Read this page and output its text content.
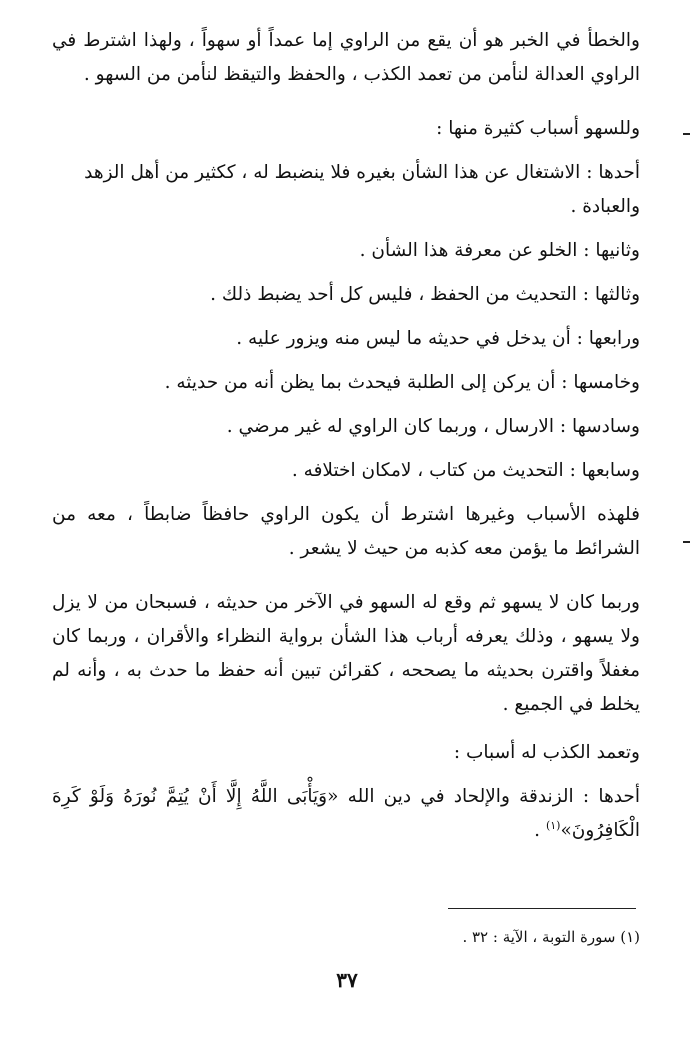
والخطأ في الخبر هو أن يقع من الراوي إما عمداً أو سهواً ، ولهذا اشترط في الراوي العدالة لنأمن من تعمد الكذب ، والحفظ والتيقظ لنأمن من السهو .

وللسهو أسباب كثيرة منها :

أحدها : الاشتغال عن هذا الشأن بغيره فلا ينضبط له ، ككثير من أهل الزهد والعبادة .

وثانيها : الخلو عن معرفة هذا الشأن .

وثالثها : التحديث من الحفظ ، فليس كل أحد يضبط ذلك .

ورابعها : أن يدخل في حديثه ما ليس منه ويزور عليه .

وخامسها : أن يركن إلى الطلبة فيحدث بما يظن أنه من حديثه .

وسادسها : الارسال ، وربما كان الراوي له غير مرضي .

وسابعها : التحديث من كتاب ، لامكان اختلافه .

فلهذه الأسباب وغيرها اشترط أن يكون الراوي حافظاً ضابطاً ، معه من الشرائط ما يؤمن معه كذبه من حيث لا يشعر .

وربما كان لا يسهو ثم وقع له السهو في الآخر من حديثه ، فسبحان من لا يزل ولا يسهو ، وذلك يعرفه أرباب هذا الشأن برواية النظراء والأقران ، وربما كان مغفلاً واقترن بحديثه ما يصححه ، كقرائن تبين أنه حفظ ما حدث به ، وأنه لم يخلط في الجميع .

وتعمد الكذب له أسباب :

أحدها : الزندقة والإلحاد في دين الله «وَيَأْبَى اللَّهُ إِلَّا أَنْ يُتِمَّ نُورَهُ وَلَوْ كَرِهَ الْكَافِرُونَ»$^{(١)}$ .

(١) سورة التوبة ، الآية : ٣٢ .
٣٧
